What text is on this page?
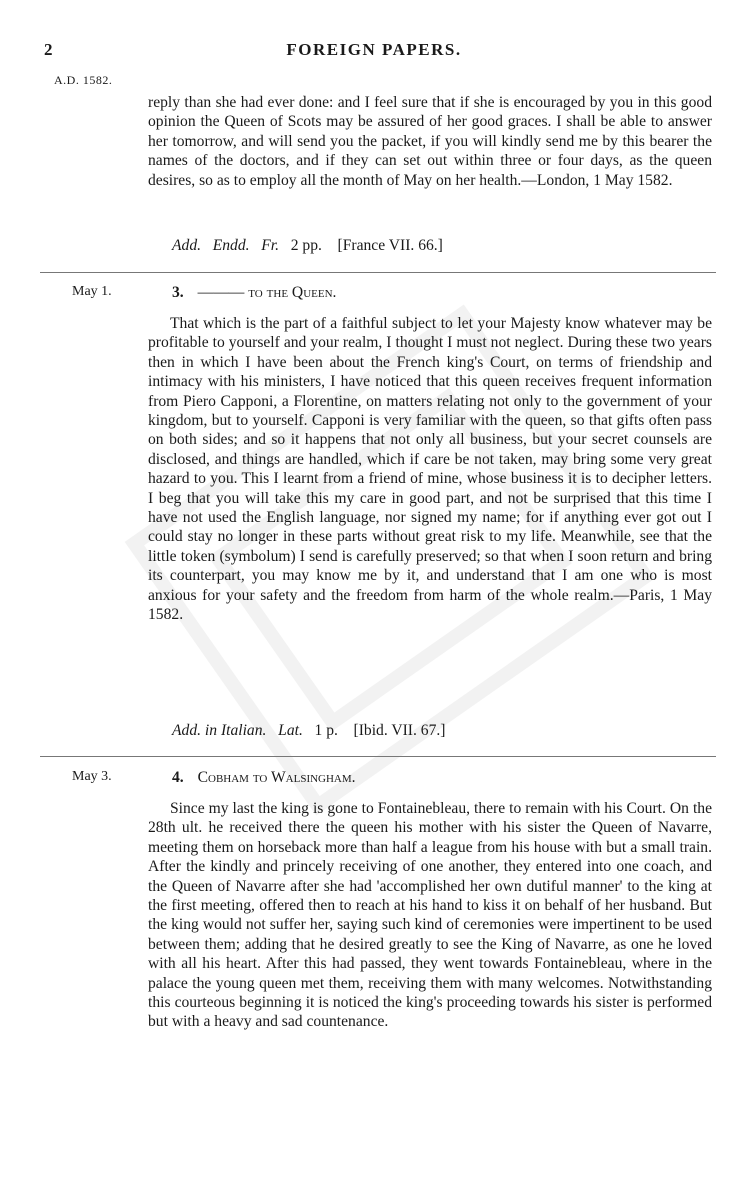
2	FOREIGN PAPERS.
A.D. 1582.
reply than she had ever done: and I feel sure that if she is encouraged by you in this good opinion the Queen of Scots may be assured of her good graces. I shall be able to answer her tomorrow, and will send you the packet, if you will kindly send me by this bearer the names of the doctors, and if they can set out within three or four days, as the queen desires, so as to employ all the month of May on her health.—London, 1 May 1582.
Add. Endd. Fr. 2 pp. [France VII. 66.]
May 1.	3. ——— to the Queen.
That which is the part of a faithful subject to let your Majesty know whatever may be profitable to yourself and your realm, I thought I must not neglect. During these two years then in which I have been about the French king's Court, on terms of friendship and intimacy with his ministers, I have noticed that this queen receives frequent information from Piero Capponi, a Florentine, on matters relating not only to the government of your kingdom, but to yourself. Capponi is very familiar with the queen, so that gifts often pass on both sides; and so it happens that not only all business, but your secret counsels are disclosed, and things are handled, which if care be not taken, may bring some very great hazard to you. This I learnt from a friend of mine, whose business it is to decipher letters. I beg that you will take this my care in good part, and not be surprised that this time I have not used the English language, nor signed my name; for if anything ever got out I could stay no longer in these parts without great risk to my life. Meanwhile, see that the little token (symbolum) I send is carefully preserved; so that when I soon return and bring its counterpart, you may know me by it, and understand that I am one who is most anxious for your safety and the freedom from harm of the whole realm.—Paris, 1 May 1582.
Add. in Italian. Lat. 1 p. [Ibid. VII. 67.]
May 3.	4. Cobham to Walsingham.
Since my last the king is gone to Fontainebleau, there to remain with his Court. On the 28th ult. he received there the queen his mother with his sister the Queen of Navarre, meeting them on horseback more than half a league from his house with but a small train. After the kindly and princely receiving of one another, they entered into one coach, and the Queen of Navarre after she had 'accomplished her own dutiful manner' to the king at the first meeting, offered then to reach at his hand to kiss it on behalf of her husband. But the king would not suffer her, saying such kind of ceremonies were impertinent to be used between them; adding that he desired greatly to see the King of Navarre, as one he loved with all his heart. After this had passed, they went towards Fontainebleau, where in the palace the young queen met them, receiving them with many welcomes. Notwithstanding this courteous beginning it is noticed the king's proceeding towards his sister is performed but with a heavy and sad countenance.
